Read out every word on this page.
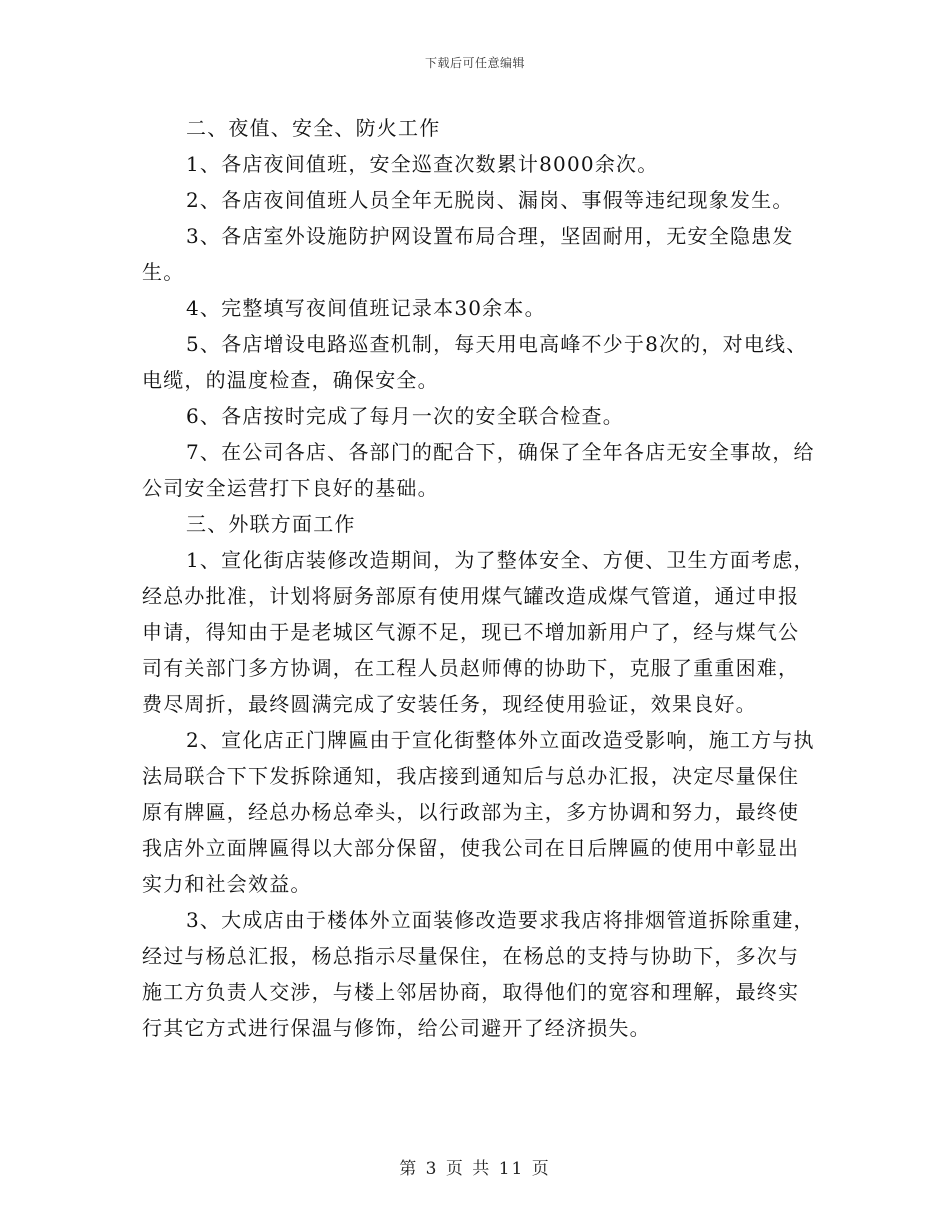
下载后可任意编辑

二、夜值、安全、防火工作

1、各店夜间值班，安全巡查次数累计8000余次。

2、各店夜间值班人员全年无脱岗、漏岗、事假等违纪现象发生。

3、各店室外设施防护网设置布局合理，坚固耐用，无安全隐患发生。

4、完整填写夜间值班记录本30余本。

5、各店增设电路巡查机制，每天用电高峰不少于8次的，对电线、电缆，的温度检查，确保安全。

6、各店按时完成了每月一次的安全联合检查。

7、在公司各店、各部门的配合下，确保了全年各店无安全事故，给公司安全运营打下良好的基础。

三、外联方面工作

1、宣化街店装修改造期间，为了整体安全、方便、卫生方面考虑，经总办批准，计划将厨务部原有使用煤气罐改造成煤气管道，通过申报申请，得知由于是老城区气源不足，现已不增加新用户了，经与煤气公司有关部门多方协调，在工程人员赵师傅的协助下，克服了重重困难，费尽周折，最终圆满完成了安装任务，现经使用验证，效果良好。

2、宣化店正门牌匾由于宣化街整体外立面改造受影响，施工方与执法局联合下下发拆除通知，我店接到通知后与总办汇报，决定尽量保住原有牌匾，经总办杨总牵头，以行政部为主，多方协调和努力，最终使我店外立面牌匾得以大部分保留，使我公司在日后牌匾的使用中彰显出实力和社会效益。

3、大成店由于楼体外立面装修改造要求我店将排烟管道拆除重建，经过与杨总汇报，杨总指示尽量保住，在杨总的支持与协助下，多次与施工方负责人交涉，与楼上邻居协商，取得他们的宽容和理解，最终实行其它方式进行保温与修饰，给公司避开了经济损失。

第 3 页 共 11 页
